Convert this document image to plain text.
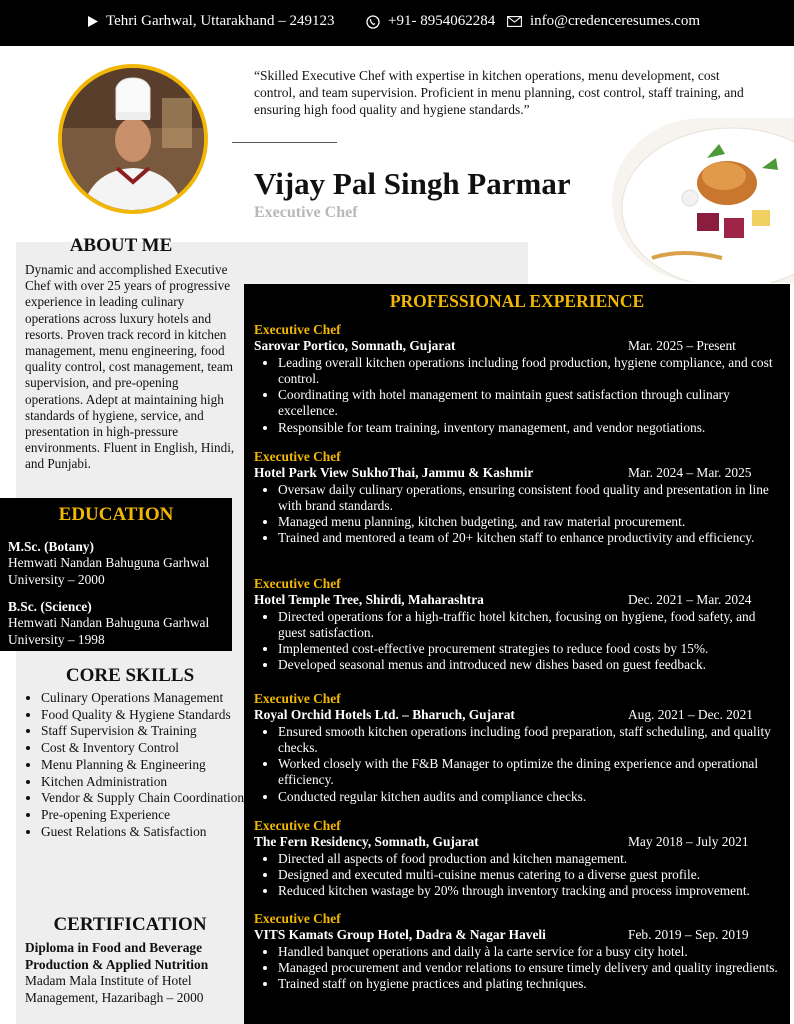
Tehri Garhwal, Uttarakhand – 249123	+91- 8954062284 info@credenceresumes.com
“Skilled Executive Chef with expertise in kitchen operations, menu development, cost control, and team supervision. Proficient in menu planning, cost control, staff training, and ensuring high food quality and hygiene standards.”
Vijay Pal Singh Parmar
Executive Chef
ABOUT ME
Dynamic and accomplished Executive Chef with over 25 years of progressive experience in leading culinary operations across luxury hotels and resorts. Proven track record in kitchen management, menu engineering, food quality control, cost management, team supervision, and pre-opening operations. Adept at maintaining high standards of hygiene, service, and presentation in high-pressure environments. Fluent in English, Hindi, and Punjabi.
EDUCATION
M.Sc. (Botany)
Hemwati Nandan Bahuguna Garhwal University – 2000
B.Sc. (Science)
Hemwati Nandan Bahuguna Garhwal University – 1998
CORE SKILLS
• Culinary Operations Management
• Food Quality & Hygiene Standards
• Staff Supervision & Training
• Cost & Inventory Control
• Menu Planning & Engineering
• Kitchen Administration
• Vendor & Supply Chain Coordination
• Pre-opening Experience
• Guest Relations & Satisfaction
CERTIFICATION
Diploma in Food and Beverage Production & Applied Nutrition
Madam Mala Institute of Hotel Management, Hazaribagh – 2000
PROFESSIONAL EXPERIENCE
Executive Chef
Sarovar Portico, Somnath, Gujarat	Mar. 2025 – Present
• Leading overall kitchen operations including food production, hygiene compliance, and cost control.
• Coordinating with hotel management to maintain guest satisfaction through culinary excellence.
• Responsible for team training, inventory management, and vendor negotiations.
Executive Chef
Hotel Park View SukhoThai, Jammu & Kashmir	Mar. 2024 – Mar. 2025
• Oversaw daily culinary operations, ensuring consistent food quality and presentation in line with brand standards.
• Managed menu planning, kitchen budgeting, and raw material procurement.
• Trained and mentored a team of 20+ kitchen staff to enhance productivity and efficiency.
Executive Chef
Hotel Temple Tree, Shirdi, Maharashtra	Dec. 2021 – Mar. 2024
• Directed operations for a high-traffic hotel kitchen, focusing on hygiene, food safety, and guest satisfaction.
• Implemented cost-effective procurement strategies to reduce food costs by 15%.
• Developed seasonal menus and introduced new dishes based on guest feedback.
Executive Chef
Royal Orchid Hotels Ltd. – Bharuch, Gujarat	Aug. 2021 – Dec. 2021
• Ensured smooth kitchen operations including food preparation, staff scheduling, and quality checks.
• Worked closely with the F&B Manager to optimize the dining experience and operational efficiency.
• Conducted regular kitchen audits and compliance checks.
Executive Chef
The Fern Residency, Somnath, Gujarat	May 2018 – July 2021
• Directed all aspects of food production and kitchen management.
• Designed and executed multi-cuisine menus catering to a diverse guest profile.
• Reduced kitchen wastage by 20% through inventory tracking and process improvement.
Executive Chef
VITS Kamats Group Hotel, Dadra & Nagar Haveli	Feb. 2019 – Sep. 2019
• Handled banquet operations and daily à la carte service for a busy city hotel.
• Managed procurement and vendor relations to ensure timely delivery and quality ingredients.
• Trained staff on hygiene practices and plating techniques.
